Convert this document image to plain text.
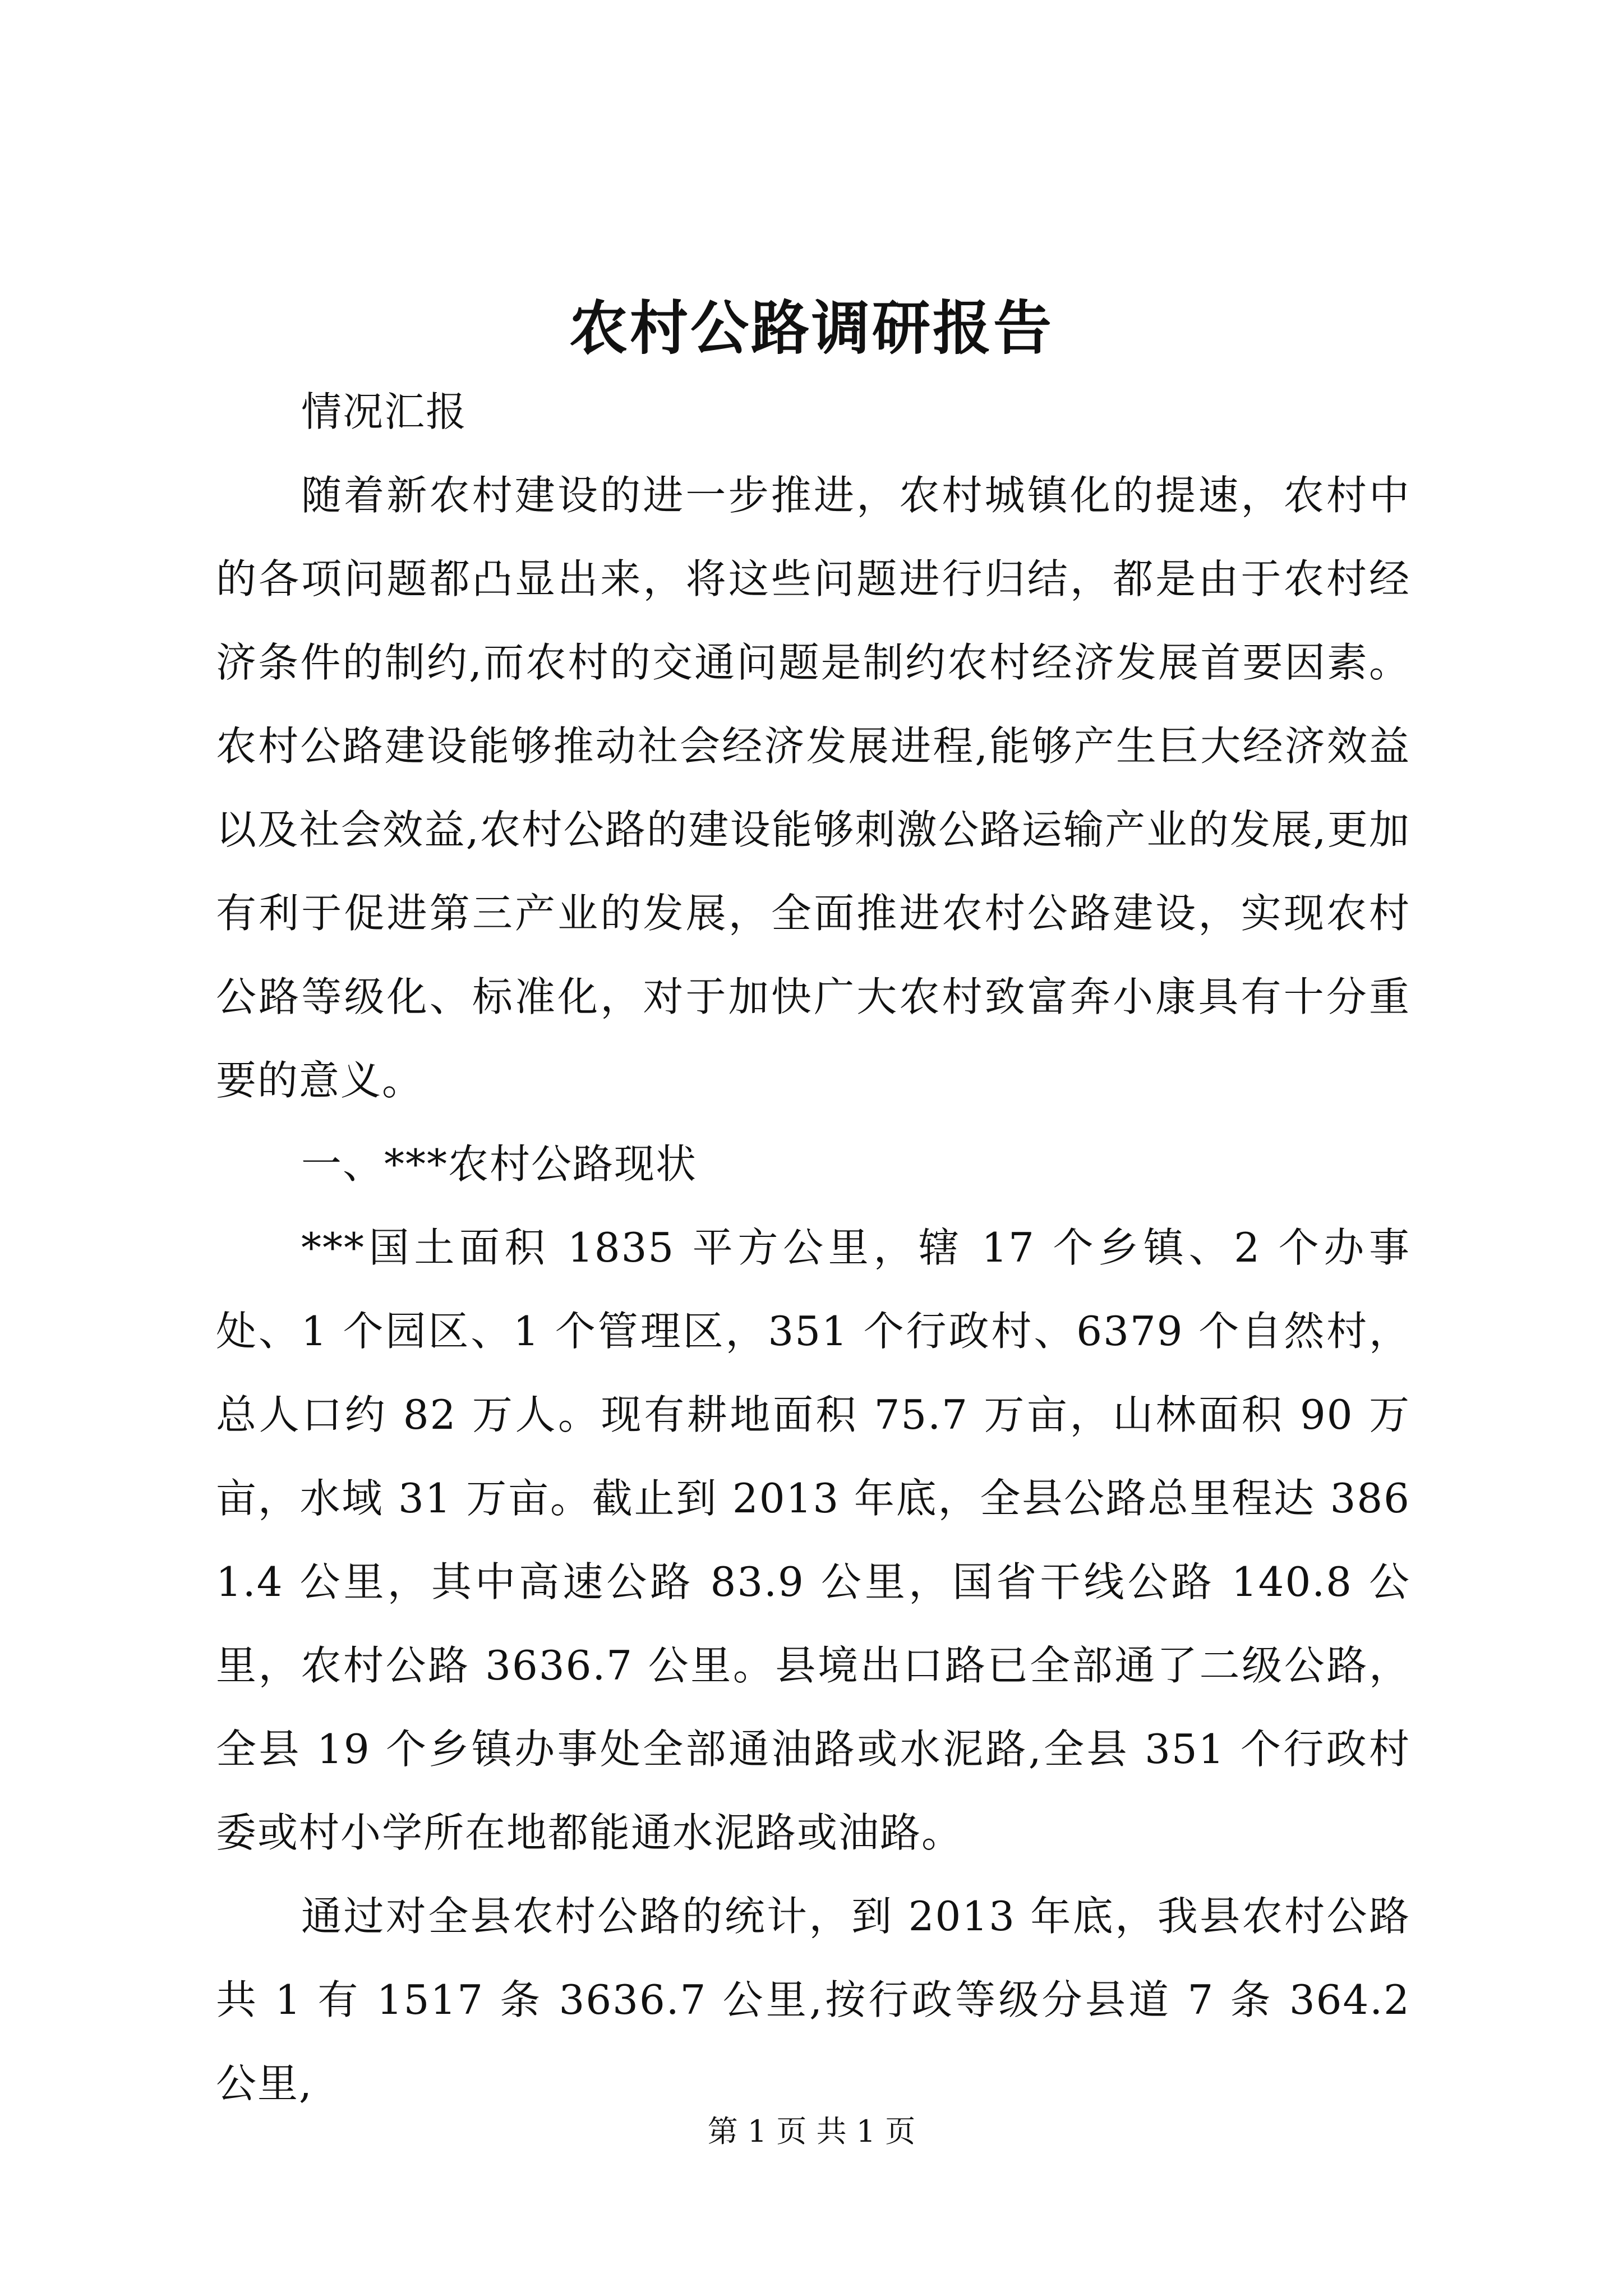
农村公路调研报告

情况汇报

随着新农村建设的进一步推进，农村城镇化的提速，农村中的各项问题都凸显出来，将这些问题进行归结，都是由于农村经济条件的制约,而农村的交通问题是制约农村经济发展首要因素。农村公路建设能够推动社会经济发展进程,能够产生巨大经济效益以及社会效益,农村公路的建设能够刺激公路运输产业的发展,更加有利于促进第三产业的发展，全面推进农村公路建设，实现农村公路等级化、标准化，对于加快广大农村致富奔小康具有十分重要的意义。

一、***农村公路现状

***国土面积 1835 平方公里，辖 17 个乡镇、2 个办事处、1 个园区、1 个管理区，351 个行政村、6379 个自然村，总人口约 82 万人。现有耕地面积 75.7 万亩，山林面积 90 万亩，水域 31 万亩。截止到 2013 年底，全县公路总里程达 3861.4 公里，其中高速公路 83.9 公里，国省干线公路 140.8 公里，农村公路 3636.7 公里。县境出口路已全部通了二级公路，全县 19 个乡镇办事处全部通油路或水泥路,全县 351 个行政村委或村小学所在地都能通水泥路或油路。

通过对全县农村公路的统计，到 2013 年底，我县农村公路共 1 有 1517 条 3636.7 公里,按行政等级分县道 7 条 364.2 公里,

第 1 页 共 1 页
